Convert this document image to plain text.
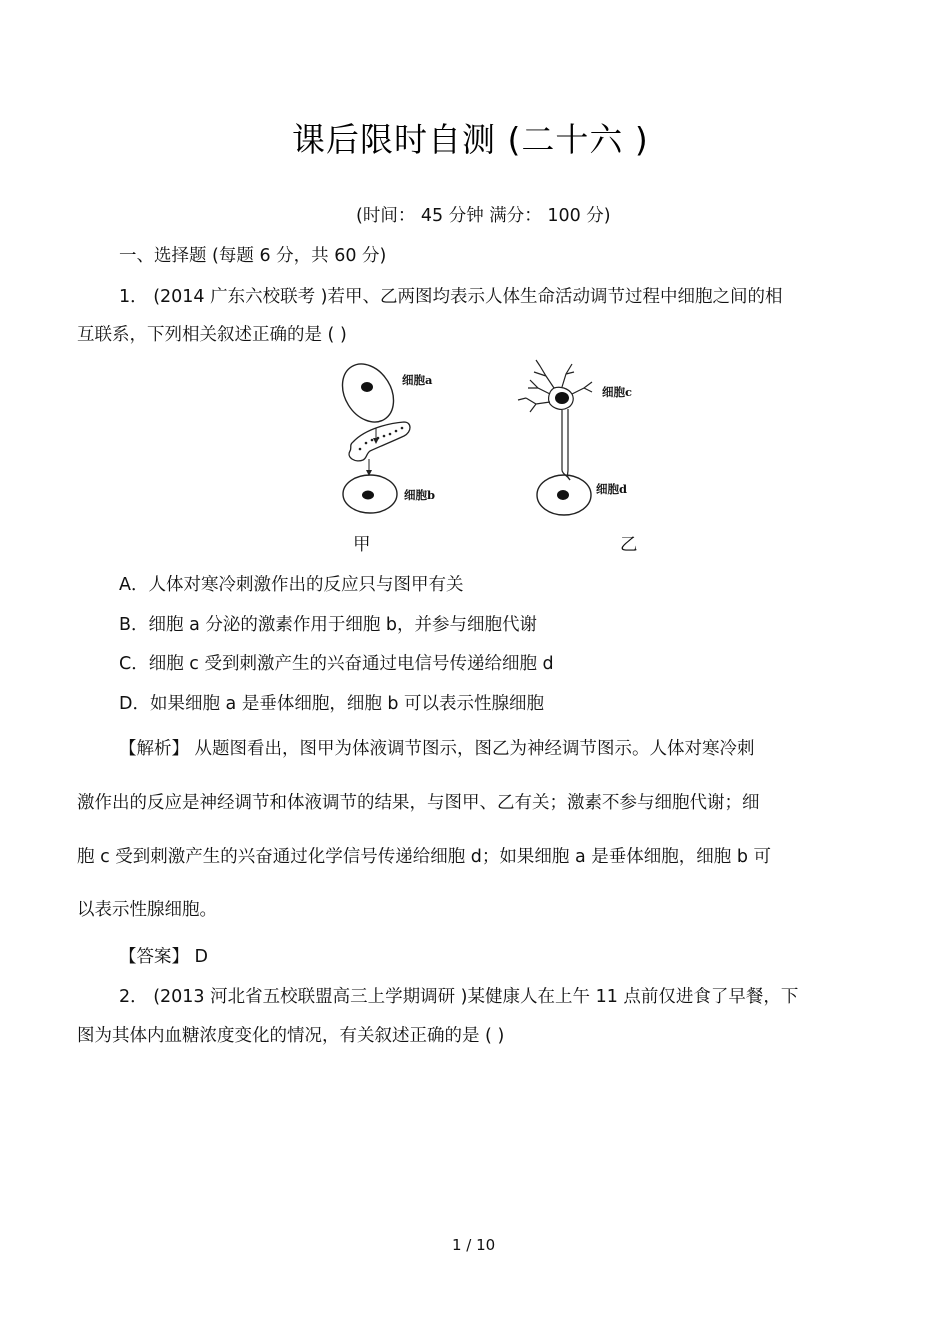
课后限时自测 (二十六 )
(时间： 45 分钟 满分： 100 分)
一、选择题 (每题 6 分，共 60 分)
1． (2014 广东六校联考 )若甲、乙两图均表示人体生命活动调节过程中细胞之间的相
互联系，下列相关叙述正确的是 ( )
细胞a
细胞b
细胞c
细胞d
甲	乙
A．人体对寒冷刺激作出的反应只与图甲有关
B．细胞 a 分泌的激素作用于细胞 b，并参与细胞代谢
C．细胞 c 受到刺激产生的兴奋通过电信号传递给细胞 d
D．如果细胞 a 是垂体细胞，细胞 b 可以表示性腺细胞
【解析】 从题图看出，图甲为体液调节图示，图乙为神经调节图示。人体对寒冷刺
激作出的反应是神经调节和体液调节的结果，与图甲、乙有关；激素不参与细胞代谢；细
胞 c 受到刺激产生的兴奋通过化学信号传递给细胞 d；如果细胞 a 是垂体细胞，细胞 b 可
以表示性腺细胞。
【答案】 D
2． (2013 河北省五校联盟高三上学期调研 )某健康人在上午 11 点前仅进食了早餐，下
图为其体内血糖浓度变化的情况，有关叙述正确的是 ( )
1 / 10
